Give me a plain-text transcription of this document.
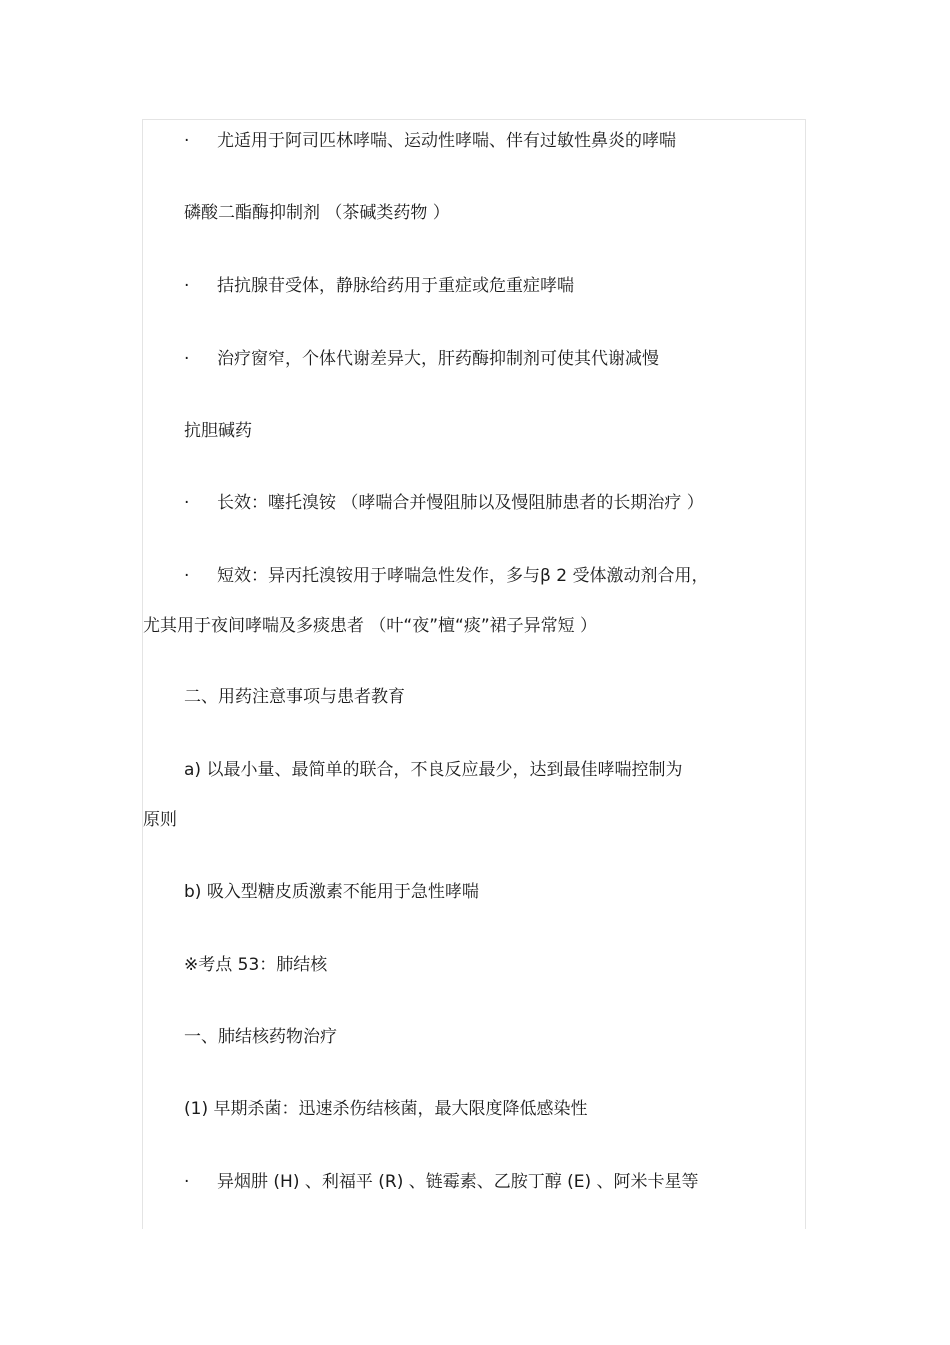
· 尤适用于阿司匹林哮喘、运动性哮喘、伴有过敏性鼻炎的哮喘
磷酸二酯酶抑制剂 （茶碱类药物 ）
· 拮抗腺苷受体，静脉给药用于重症或危重症哮喘
· 治疗窗窄，个体代谢差异大，肝药酶抑制剂可使其代谢减慢
抗胆碱药
· 长效：噻托溴铵 （哮喘合并慢阻肺以及慢阻肺患者的长期治疗 ）
· 短效：异丙托溴铵用于哮喘急性发作，多与β 2 受体激动剂合用，
尤其用于夜间哮喘及多痰患者 （叶“夜”檀“痰”裙子异常短 ）
二、用药注意事项与患者教育
a) 以最小量、最简单的联合，不良反应最少，达到最佳哮喘控制为
原则
b) 吸入型糖皮质激素不能用于急性哮喘
※考点 53：肺结核
一、肺结核药物治疗
(1) 早期杀菌：迅速杀伤结核菌，最大限度降低感染性
· 异烟肼 (H) 、利福平 (R) 、链霉素、乙胺丁醇 (E) 、阿米卡星等
